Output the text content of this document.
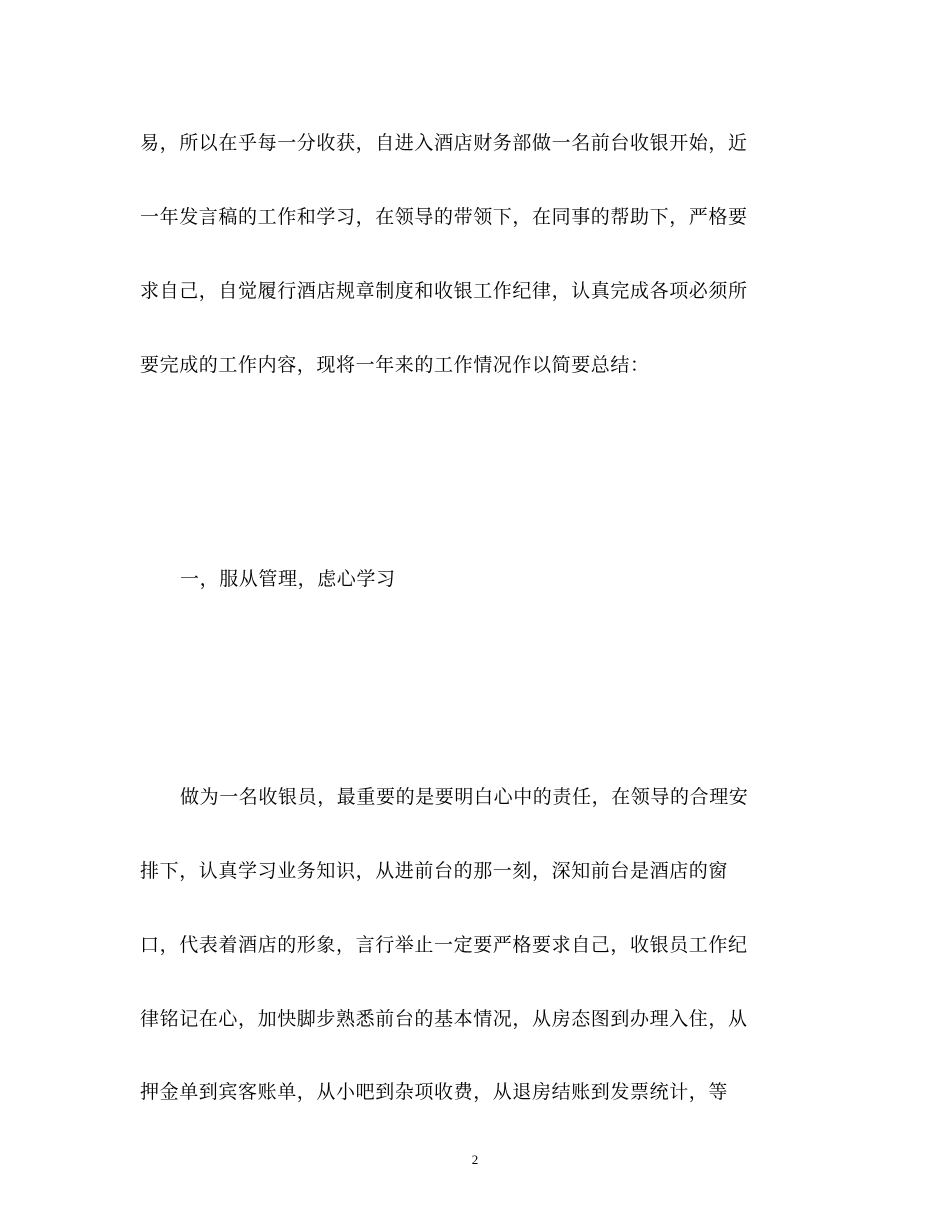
易，所以在乎每一分收获，自进入酒店财务部做一名前台收银开始，近
一年发言稿的工作和学习，在领导的带领下，在同事的帮助下，严格要
求自己，自觉履行酒店规章制度和收银工作纪律，认真完成各项必须所
要完成的工作内容，现将一年来的工作情况作以简要总结：
一，服从管理，虑心学习
做为一名收银员，最重要的是要明白心中的责任，在领导的合理安
排下，认真学习业务知识，从进前台的那一刻，深知前台是酒店的窗
口，代表着酒店的形象，言行举止一定要严格要求自己，收银员工作纪
律铭记在心，加快脚步熟悉前台的基本情况，从房态图到办理入住，从
押金单到宾客账单，从小吧到杂项收费，从退房结账到发票统计，等
2
